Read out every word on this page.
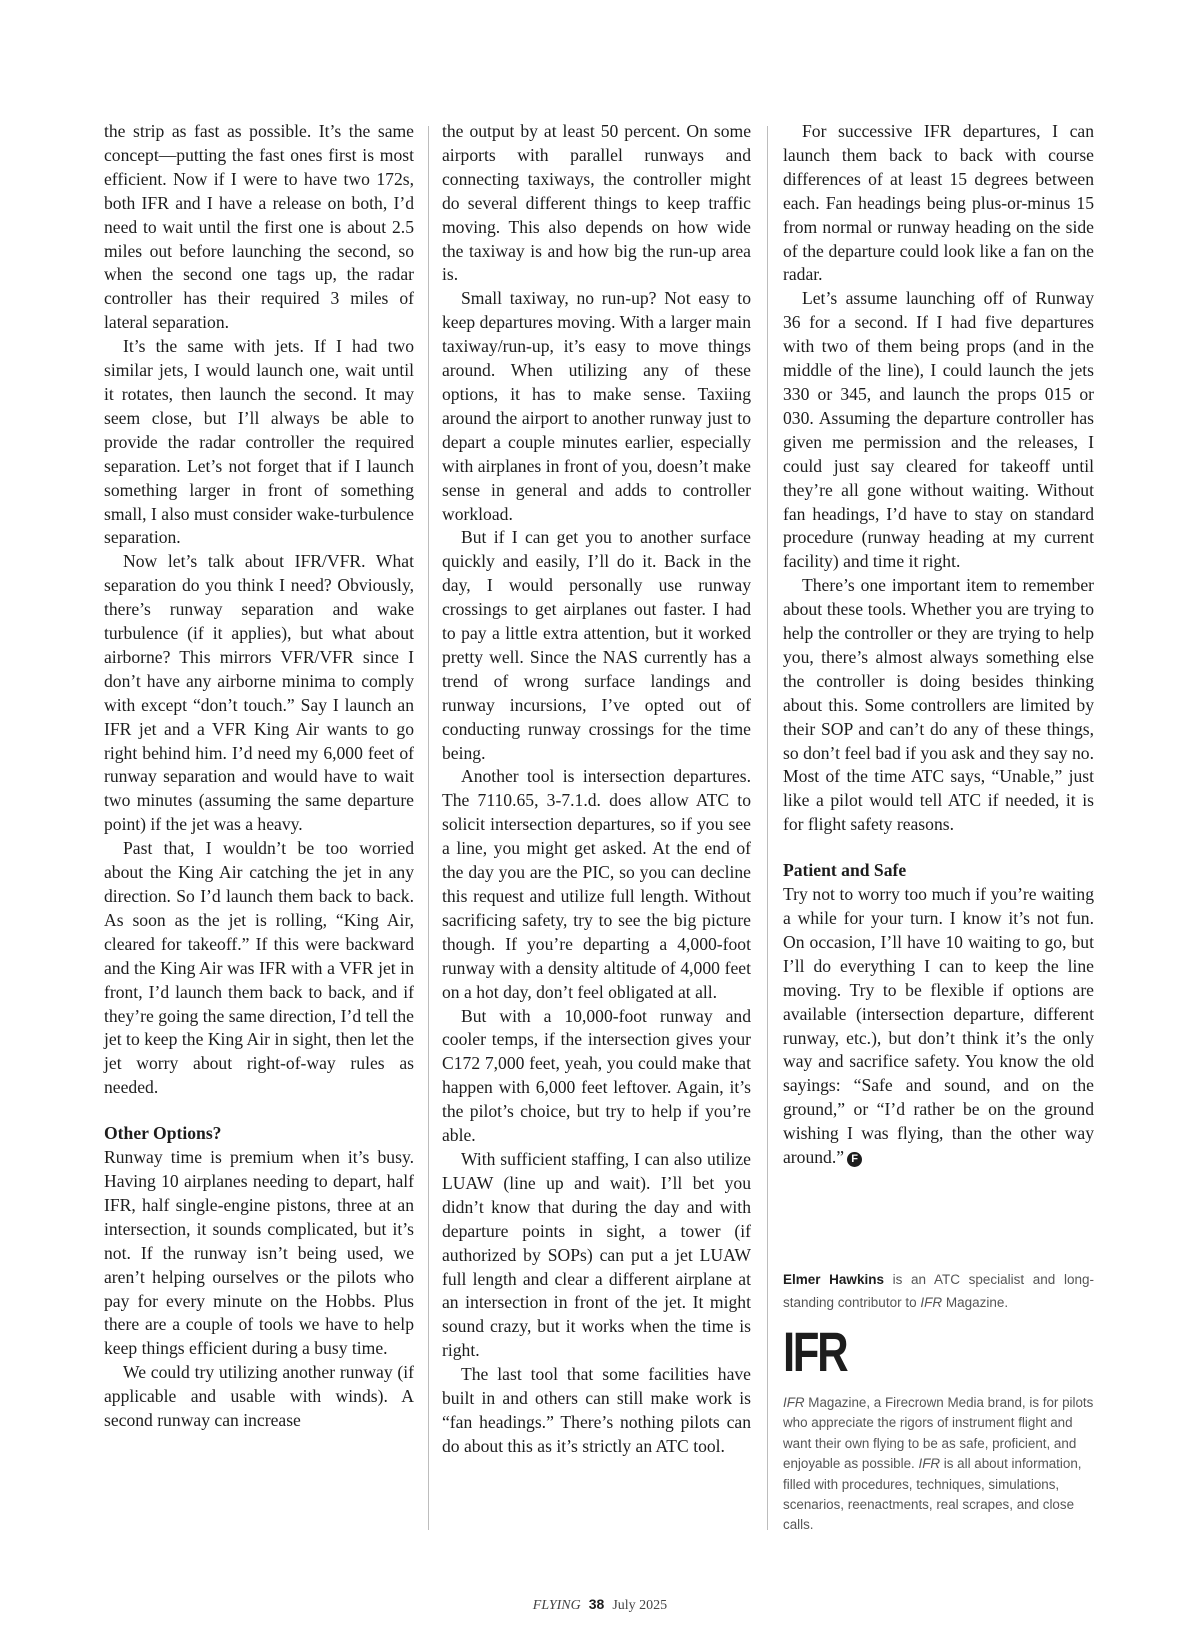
the strip as fast as possible. It’s the same concept—putting the fast ones first is most efficient. Now if I were to have two 172s, both IFR and I have a release on both, I’d need to wait until the first one is about 2.5 miles out before launching the second, so when the second one tags up, the radar controller has their required 3 miles of lateral separation.

It’s the same with jets. If I had two similar jets, I would launch one, wait until it rotates, then launch the second. It may seem close, but I’ll always be able to provide the radar controller the required separation. Let’s not forget that if I launch something larger in front of something small, I also must consider wake-turbulence separation.

Now let’s talk about IFR/VFR. What separation do you think I need? Obviously, there’s runway separation and wake turbulence (if it applies), but what about airborne? This mirrors VFR/VFR since I don’t have any airborne minima to comply with except “don’t touch.” Say I launch an IFR jet and a VFR King Air wants to go right behind him. I’d need my 6,000 feet of runway separation and would have to wait two minutes (assuming the same departure point) if the jet was a heavy.

Past that, I wouldn’t be too worried about the King Air catching the jet in any direction. So I’d launch them back to back. As soon as the jet is rolling, “King Air, cleared for takeoff.” If this were backward and the King Air was IFR with a VFR jet in front, I’d launch them back to back, and if they’re going the same direction, I’d tell the jet to keep the King Air in sight, then let the jet worry about right-of-way rules as needed.

Other Options?

Runway time is premium when it’s busy. Having 10 airplanes needing to depart, half IFR, half single-engine pistons, three at an intersection, it sounds complicated, but it’s not. If the runway isn’t being used, we aren’t helping ourselves or the pilots who pay for every minute on the Hobbs. Plus there are a couple of tools we have to help keep things efficient during a busy time.

We could try utilizing another runway (if applicable and usable with winds). A second runway can increase

the output by at least 50 percent. On some airports with parallel runways and connecting taxiways, the controller might do several different things to keep traffic moving. This also depends on how wide the taxiway is and how big the run-up area is.

Small taxiway, no run-up? Not easy to keep departures moving. With a larger main taxiway/run-up, it’s easy to move things around. When utilizing any of these options, it has to make sense. Taxiing around the airport to another runway just to depart a couple minutes earlier, especially with airplanes in front of you, doesn’t make sense in general and adds to controller workload.

But if I can get you to another surface quickly and easily, I’ll do it. Back in the day, I would personally use runway crossings to get airplanes out faster. I had to pay a little extra attention, but it worked pretty well. Since the NAS currently has a trend of wrong surface landings and runway incursions, I’ve opted out of conducting runway crossings for the time being.

Another tool is intersection departures. The 7110.65, 3-7.1.d. does allow ATC to solicit intersection departures, so if you see a line, you might get asked. At the end of the day you are the PIC, so you can decline this request and utilize full length. Without sacrificing safety, try to see the big picture though. If you’re departing a 4,000-foot runway with a density altitude of 4,000 feet on a hot day, don’t feel obligated at all.

But with a 10,000-foot runway and cooler temps, if the intersection gives your C172 7,000 feet, yeah, you could make that happen with 6,000 feet leftover. Again, it’s the pilot’s choice, but try to help if you’re able.

With sufficient staffing, I can also utilize LUAW (line up and wait). I’ll bet you didn’t know that during the day and with departure points in sight, a tower (if authorized by SOPs) can put a jet LUAW full length and clear a different airplane at an intersection in front of the jet. It might sound crazy, but it works when the time is right.

The last tool that some facilities have built in and others can still make work is “fan headings.” There’s nothing pilots can do about this as it’s strictly an ATC tool.

For successive IFR departures, I can launch them back to back with course differences of at least 15 degrees between each. Fan headings being plus-or-minus 15 from normal or runway heading on the side of the departure could look like a fan on the radar.

Let’s assume launching off of Runway 36 for a second. If I had five departures with two of them being props (and in the middle of the line), I could launch the jets 330 or 345, and launch the props 015 or 030. Assuming the departure controller has given me permission and the releases, I could just say cleared for takeoff until they’re all gone without waiting. Without fan headings, I’d have to stay on standard procedure (runway heading at my current facility) and time it right.

There’s one important item to remember about these tools. Whether you are trying to help the controller or they are trying to help you, there’s almost always something else the controller is doing besides thinking about this. Some controllers are limited by their SOP and can’t do any of these things, so don’t feel bad if you ask and they say no. Most of the time ATC says, “Unable,” just like a pilot would tell ATC if needed, it is for flight safety reasons.

Patient and Safe

Try not to worry too much if you’re waiting a while for your turn. I know it’s not fun. On occasion, I’ll have 10 waiting to go, but I’ll do everything I can to keep the line moving. Try to be flexible if options are available (intersection departure, different runway, etc.), but don’t think it’s the only way and sacrifice safety. You know the old sayings: “Safe and sound, and on the ground,” or “I’d rather be on the ground wishing I was flying, than the other way around.” F

Elmer Hawkins is an ATC specialist and long-standing contributor to IFR Magazine.
IFR
IFR Magazine, a Firecrown Media brand, is for pilots who appreciate the rigors of instrument flight and want their own flying to be as safe, proficient, and enjoyable as possible. IFR is all about information, filled with procedures, techniques, simulations, scenarios, reenactments, real scrapes, and close calls.
FLYING 38 July 2025
